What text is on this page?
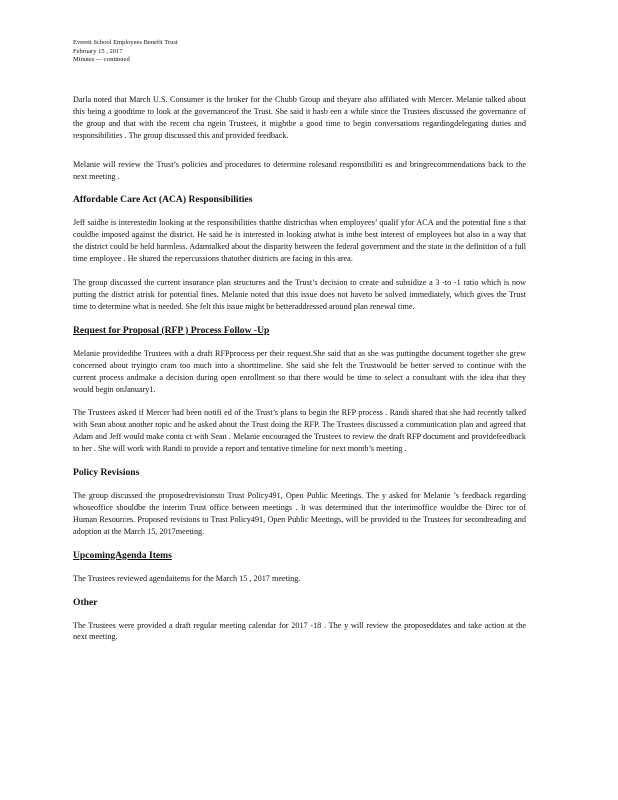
Everett School Employees Benefit Trust
February 15 , 2017
Minutes — continued

Darla noted that March U.S. Consumer is the broker for the Chubb Group and theyare also affiliated with Mercer. Melanie talked about this being a goodtime to look at the governanceof the Trust. She said it hasb een a while since the Trustees discussed the governance of the group and that with the recent cha ngein Trustees, it mightbe a good time to begin conversations regardingdelegating duties and responsibilities . The group discussed this and provided feedback.

Melanie will review the Trust’s policies and procedures to determine rolesand responsibiliti es and bringrecommendations back to the next meeting .

Affordable Care Act (ACA) Responsibilities

Jeff saidhe is interestedin looking at the responsibilities thatthe districthas when employees’ qualif yfor ACA and the potential fine s that couldbe imposed against the district. He said he is interested in looking atwhat is inthe best interest of employees but also in a way that the district could be held harmless. Adamtalked about the disparity between the federal government and the state in the definition of a full time employee . He shared the repercussions thatother districts are facing in this area.

The group discussed the current insurance plan structures and the Trust’s decision to create and subsidize a 3 -to -1 ratio which is now putting the district atrisk for potential fines. Melanie noted that this issue does not haveto be solved immediately, which gives the Trust time to determine what is needed. She felt this issue might be betteraddressed around plan renewal time.

Request for Proposal (RFP ) Process Follow -Up

Melanie providedthe Trustees with a draft RFPprocess per their request.She said that as she was puttingthe document together she grew concerned about tryingto cram too much into a shorttimeline. She said she felt the Trustwould be better served to continue with the current process andmake a decision during open enrollment so that there would be time to select a consultant with the idea that they would begin onJanuary1.

The Trustees asked if Mercer had been notifi ed of the Trust’s plans to begin the RFP process . Randi shared that she had recently talked with Sean about another topic and he asked about the Trust doing the RFP. The Trustees discussed a communication plan and agreed that Adam and Jeff would make conta ct with Sean . Melanie encouraged the Trustees to review the draft RFP document and providefeedback to her . She will work with Randi to provide a report and tentative timeline for next month’s meeting .

Policy Revisions

The group discussed the proposedrevisionsto Trust Policy491, Open Public Meetings. The y asked for Melanie ’s feedback regarding whoseoffice shouldbe the interim Trust office between meetings . It was determined that the interimoffice wouldbe the Direc tor of Human Resources. Proposed revisions to Trust Policy491, Open Public Meetings, will be provided to the Trustees for secondreading and adoption at the March 15, 2017meeting.

UpcomingAgenda Items

The Trustees reviewed agendaitems for the March 15 , 2017 meeting.

Other

The Trustees were provided a draft regular meeting calendar for 2017 -18 . The y will review the proposeddates and take action at the next meeting.
